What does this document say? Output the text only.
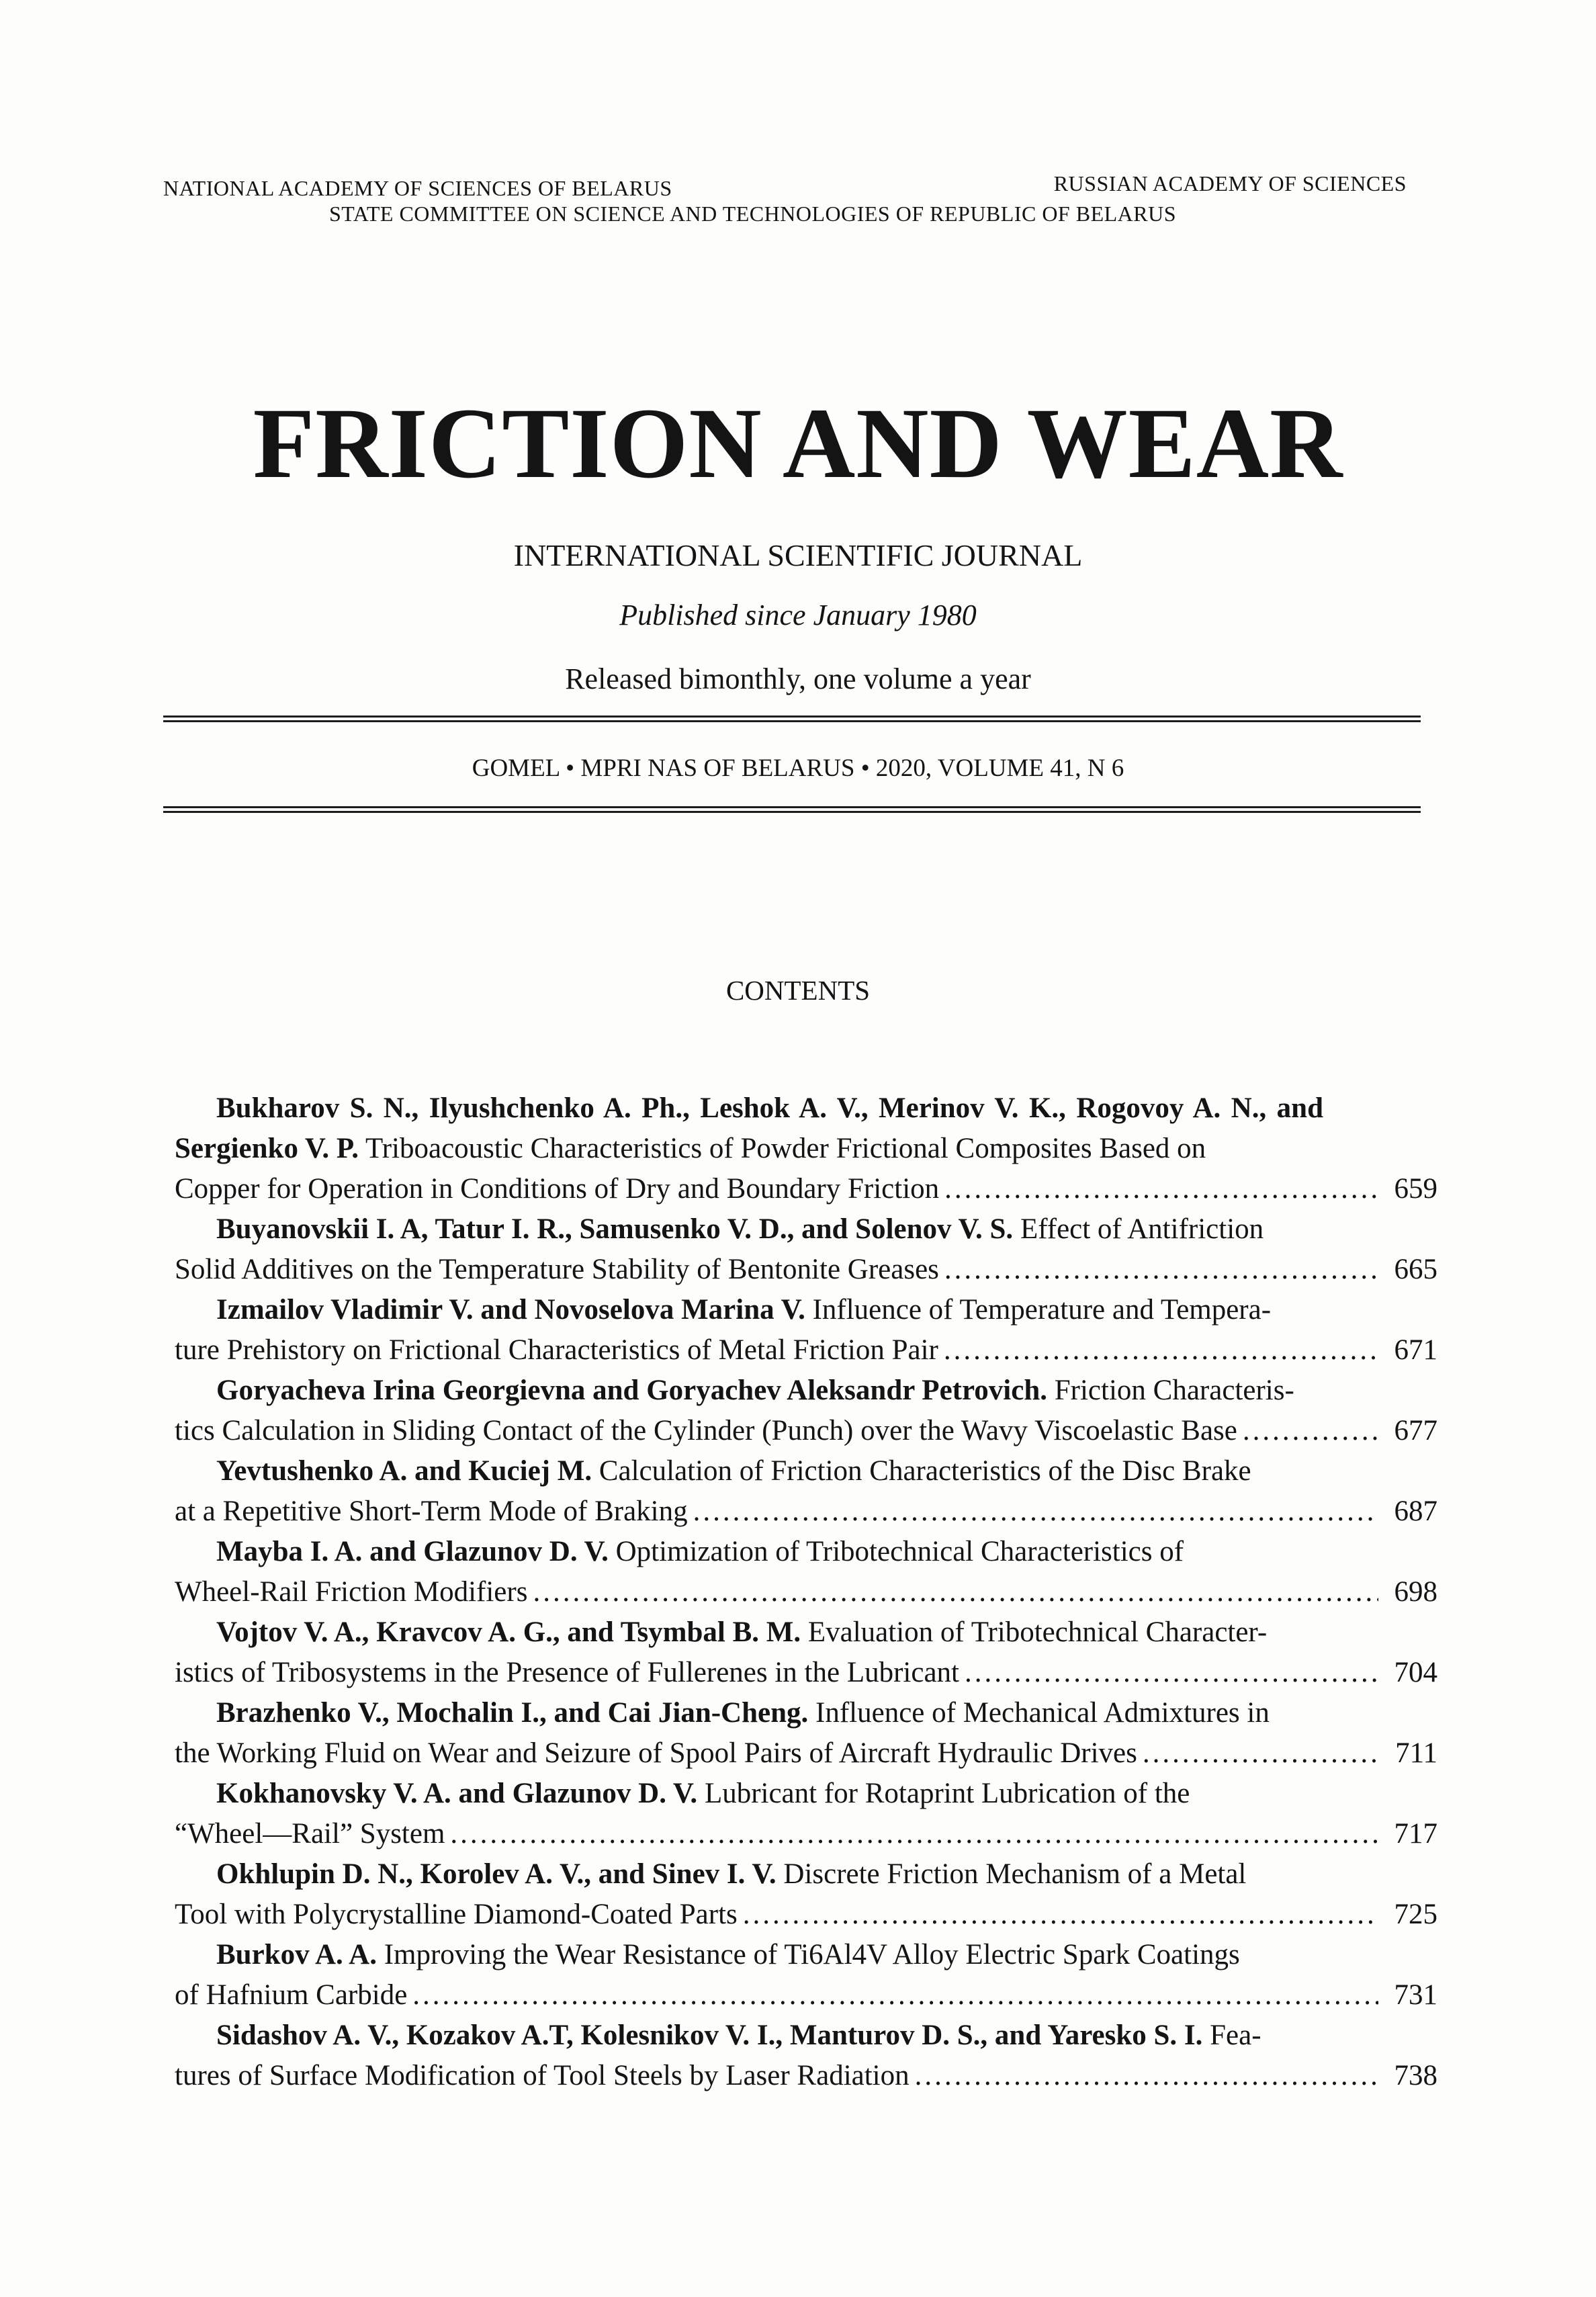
NATIONAL ACADEMY OF SCIENCES OF BELARUS	RUSSIAN ACADEMY OF SCIENCES
STATE COMMITTEE ON SCIENCE AND TECHNOLOGIES OF REPUBLIC OF BELARUS
FRICTION AND WEAR
INTERNATIONAL SCIENTIFIC JOURNAL
Published since January 1980
Released bimonthly, one volume a year
GOMEL • MPRI NAS OF BELARUS • 2020, VOLUME 41, N 6
CONTENTS
Bukharov S. N., Ilyushchenko A. Ph., Leshok A. V., Merinov V. K., Rogovoy A. N., and Sergienko V. P. Triboacoustic Characteristics of Powder Frictional Composites Based on
Copper for Operation in Conditions of Dry and Boundary Friction .....	659
Buyanovskii I. A, Tatur I. R., Samusenko V. D., and Solenov V. S. Effect of Antifriction
Solid Additives on the Temperature Stability of Bentonite Greases .....	665
Izmailov Vladimir V. and Novoselova Marina V. Influence of Temperature and Tempera-
ture Prehistory on Frictional Characteristics of Metal Friction Pair .....	671
Goryacheva Irina Georgievna and Goryachev Aleksandr Petrovich. Friction Characteris-
tics Calculation in Sliding Contact of the Cylinder (Punch) over the Wavy Viscoelastic Base .....	677
Yevtushenko A. and Kuciej M. Calculation of Friction Characteristics of the Disc Brake
at a Repetitive Short-Term Mode of Braking .....	687
Mayba I. A. and Glazunov D. V. Optimization of Tribotechnical Characteristics of
Wheel-Rail Friction Modifiers .....	698
Vojtov V. A., Kravcov A. G., and Tsymbal B. M. Evaluation of Tribotechnical Character-
istics of Tribosystems in the Presence of Fullerenes in the Lubricant .....	704
Brazhenko V., Mochalin I., and Cai Jian-Cheng. Influence of Mechanical Admixtures in
the Working Fluid on Wear and Seizure of Spool Pairs of Aircraft Hydraulic Drives .....	711
Kokhanovsky V. A. and Glazunov D. V. Lubricant for Rotaprint Lubrication of the
“Wheel—Rail” System .....	717
Okhlupin D. N., Korolev A. V., and Sinev I. V. Discrete Friction Mechanism of a Metal
Tool with Polycrystalline Diamond-Coated Parts .....	725
Burkov A. A. Improving the Wear Resistance of Ti6Al4V Alloy Electric Spark Coatings
of Hafnium Carbide .....	731
Sidashov A. V., Kozakov A.T, Kolesnikov V. I., Manturov D. S., and Yaresko S. I. Fea-
tures of Surface Modification of Tool Steels by Laser Radiation .....	738
